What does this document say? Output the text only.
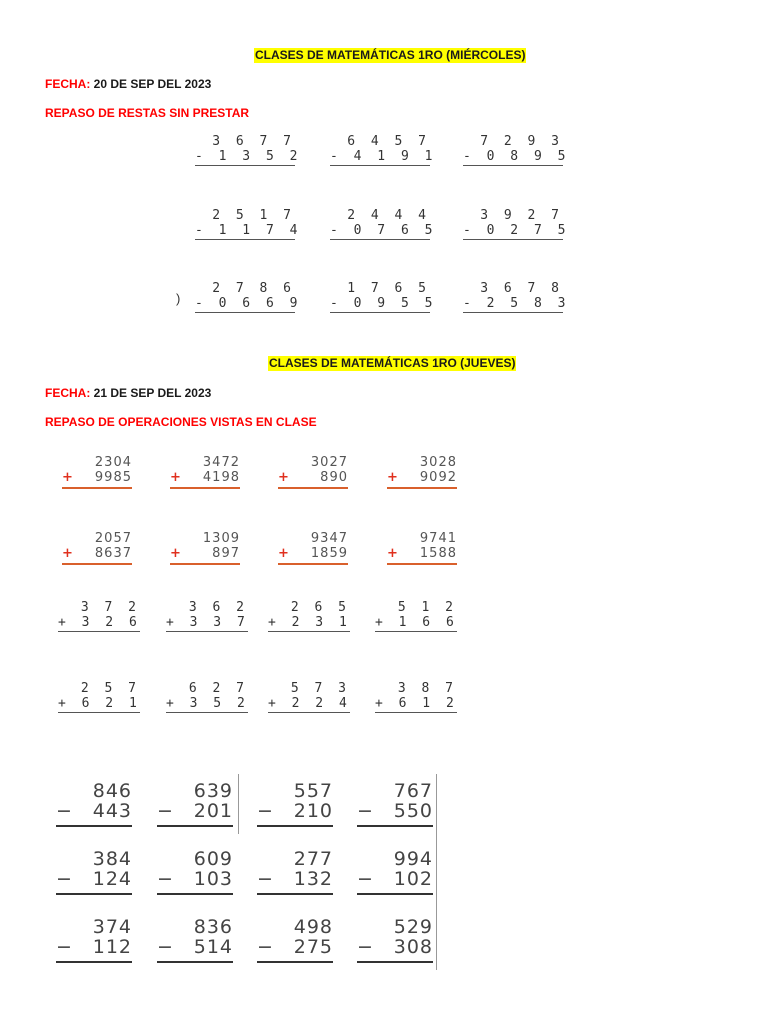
CLASES DE MATEMÁTICAS 1RO (MIÉRCOLES)
FECHA: 20 DE SEP DEL 2023
REPASO DE RESTAS SIN PRESTAR
)
3 6 7 7
- 1 3 5 2
6 4 5 7
- 4 1 9 1
7 2 9 3
- 0 8 9 5
2 5 1 7
- 1 1 7 4
2 4 4 4
- 0 7 6 5
3 9 2 7
- 0 2 7 5
2 7 8 6
- 0 6 6 9
1 7 6 5
- 0 9 5 5
3 6 7 8
- 2 5 8 3
CLASES DE MATEMÁTICAS 1RO (JUEVES)
FECHA: 21 DE SEP DEL 2023
REPASO DE OPERACIONES VISTAS EN CLASE
2304
+ 9985
3472
+ 4198
3027
+ 890
3028
+ 9092
2057
+ 8637
1309
+ 897
9347
+ 1859
9741
+ 1588
3 7 2
+ 3 2 6
3 6 2
+ 3 3 7
2 6 5
+ 2 3 1
5 1 2
+ 1 6 6
2 5 7
+ 6 2 1
6 2 7
+ 3 5 2
5 7 3
+ 2 2 4
3 8 7
+ 6 1 2
846
− 443
639
− 201
557
− 210
767
− 550
384
− 124
609
− 103
277
− 132
994
− 102
374
− 112
836
− 514
498
− 275
529
− 308
